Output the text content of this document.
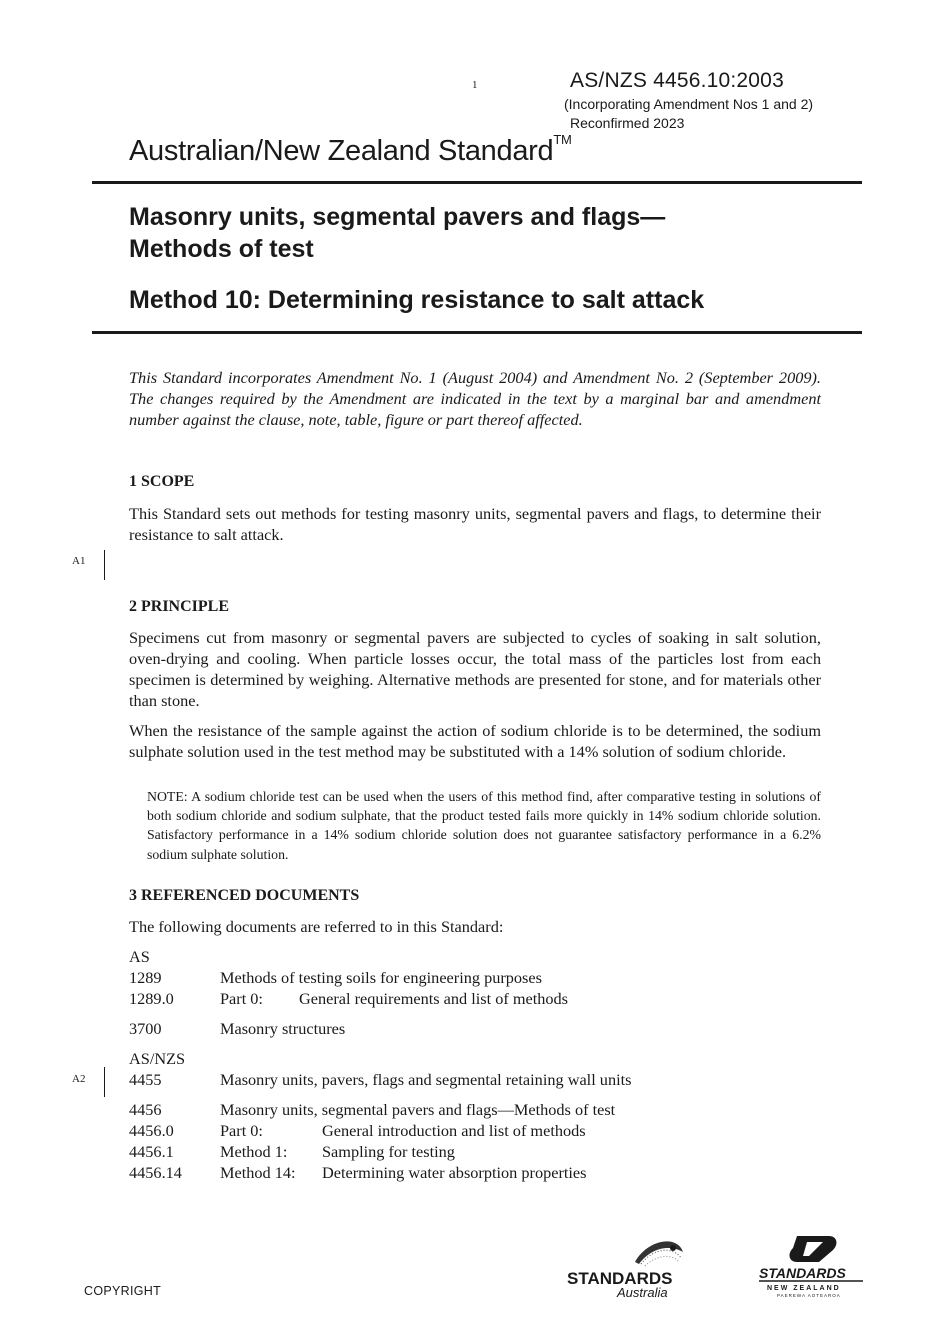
1	AS/NZS 4456.10:2003
(Incorporating Amendment Nos 1 and 2)
Reconfirmed 2023
Australian/New Zealand Standard™
Masonry units, segmental pavers and flags—
Methods of test
Method 10: Determining resistance to salt attack
This Standard incorporates Amendment No. 1 (August 2004) and Amendment No. 2 (September 2009). The changes required by the Amendment are indicated in the text by a marginal bar and amendment number against the clause, note, table, figure or part thereof affected.
1 SCOPE
This Standard sets out methods for testing masonry units, segmental pavers and flags, to determine their resistance to salt attack.
A1
2 PRINCIPLE
Specimens cut from masonry or segmental pavers are subjected to cycles of soaking in salt solution, oven-drying and cooling. When particle losses occur, the total mass of the particles lost from each specimen is determined by weighing. Alternative methods are presented for stone, and for materials other than stone.
When the resistance of the sample against the action of sodium chloride is to be determined, the sodium sulphate solution used in the test method may be substituted with a 14% solution of sodium chloride.
NOTE: A sodium chloride test can be used when the users of this method find, after comparative testing in solutions of both sodium chloride and sodium sulphate, that the product tested fails more quickly in 14% sodium chloride solution. Satisfactory performance in a 14% sodium chloride solution does not guarantee satisfactory performance in a 6.2% sodium sulphate solution.
3 REFERENCED DOCUMENTS
The following documents are referred to in this Standard:
AS
1289	Methods of testing soils for engineering purposes
1289.0	Part 0: General requirements and list of methods
3700	Masonry structures
AS/NZS
A2	4455	Masonry units, pavers, flags and segmental retaining wall units
4456	Masonry units, segmental pavers and flags—Methods of test
4456.0	Part 0:	General introduction and list of methods
4456.1	Method 1: Sampling for testing
4456.14 Method 14: Determining water absorption properties
COPYRIGHT
STANDARDS
Australia
STANDARDS
NEW ZEALAND
PAEREWA AOTEAROA
